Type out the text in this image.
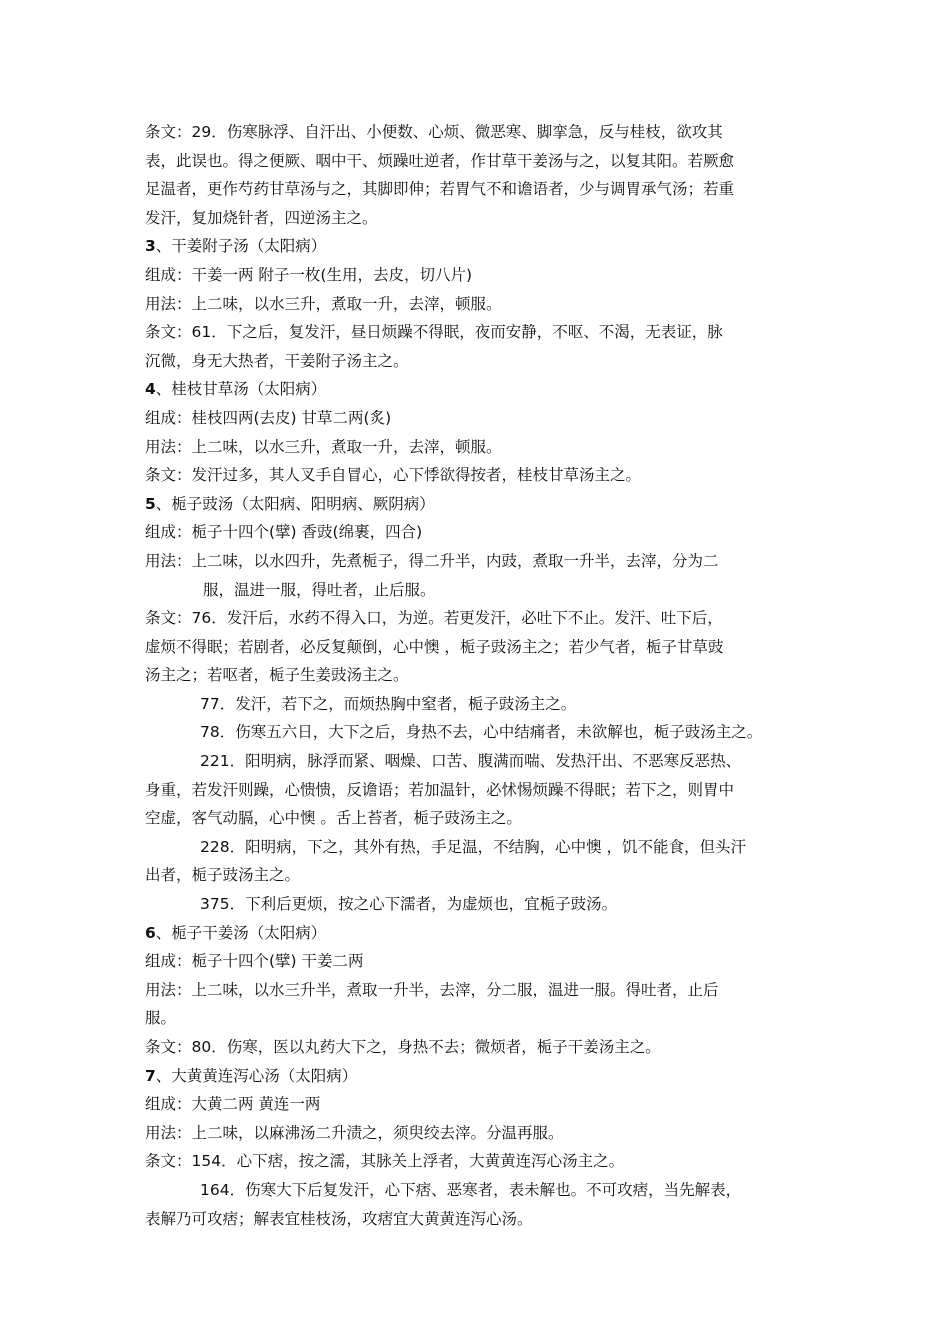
条文：29．伤寒脉浮、自汗出、小便数、心烦、微恶寒、脚挛急，反与桂枝，欲攻其
表，此误也。得之便厥、咽中干、烦躁吐逆者，作甘草干姜汤与之，以复其阳。若厥愈
足温者，更作芍药甘草汤与之，其脚即伸；若胃气不和谵语者，少与调胃承气汤；若重
发汗，复加烧针者，四逆汤主之。
3、干姜附子汤（太阳病）
组成：干姜一两 附子一枚(生用，去皮，切八片)
用法：上二味，以水三升，煮取一升，去滓，顿服。
条文：61．下之后，复发汗，昼日烦躁不得眠，夜而安静，不呕、不渴，无表证，脉
沉微，身无大热者，干姜附子汤主之。
4、桂枝甘草汤（太阳病）
组成：桂枝四两(去皮) 甘草二两(炙)
用法：上二味，以水三升，煮取一升，去滓，顿服。
条文：发汗过多，其人叉手自冒心，心下悸欲得按者，桂枝甘草汤主之。
5、栀子豉汤（太阳病、阳明病、厥阴病）
组成：栀子十四个(擘) 香豉(绵裹，四合)
用法：上二味，以水四升，先煮栀子，得二升半，内豉，煮取一升半，去滓，分为二
服，温进一服，得吐者，止后服。
条文：76．发汗后，水药不得入口，为逆。若更发汗，必吐下不止。发汗、吐下后，
虚烦不得眠；若剧者，必反复颠倒，心中懊 ，栀子豉汤主之；若少气者，栀子甘草豉
汤主之；若呕者，栀子生姜豉汤主之。
77．发汗，若下之，而烦热胸中窒者，栀子豉汤主之。
78．伤寒五六日，大下之后，身热不去，心中结痛者，未欲解也，栀子豉汤主之。
221．阳明病，脉浮而紧、咽燥、口苦、腹满而喘、发热汗出、不恶寒反恶热、
身重，若发汗则躁，心愦愦，反谵语；若加温针，必怵惕烦躁不得眠；若下之，则胃中
空虚，客气动膈，心中懊 。舌上苔者，栀子豉汤主之。
228．阳明病，下之，其外有热，手足温，不结胸，心中懊 ，饥不能食，但头汗
出者，栀子豉汤主之。
375．下利后更烦，按之心下濡者，为虚烦也，宜栀子豉汤。
6、栀子干姜汤（太阳病）
组成：栀子十四个(擘) 干姜二两
用法：上二味，以水三升半，煮取一升半，去滓，分二服，温进一服。得吐者，止后
服。
条文：80．伤寒，医以丸药大下之，身热不去；微烦者，栀子干姜汤主之。
7、大黄黄连泻心汤（太阳病）
组成：大黄二两 黄连一两
用法：上二味，以麻沸汤二升渍之，须臾绞去滓。分温再服。
条文：154．心下痞，按之濡，其脉关上浮者，大黄黄连泻心汤主之。
164．伤寒大下后复发汗，心下痞、恶寒者，表未解也。不可攻痞，当先解表，
表解乃可攻痞；解表宜桂枝汤，攻痞宜大黄黄连泻心汤。
